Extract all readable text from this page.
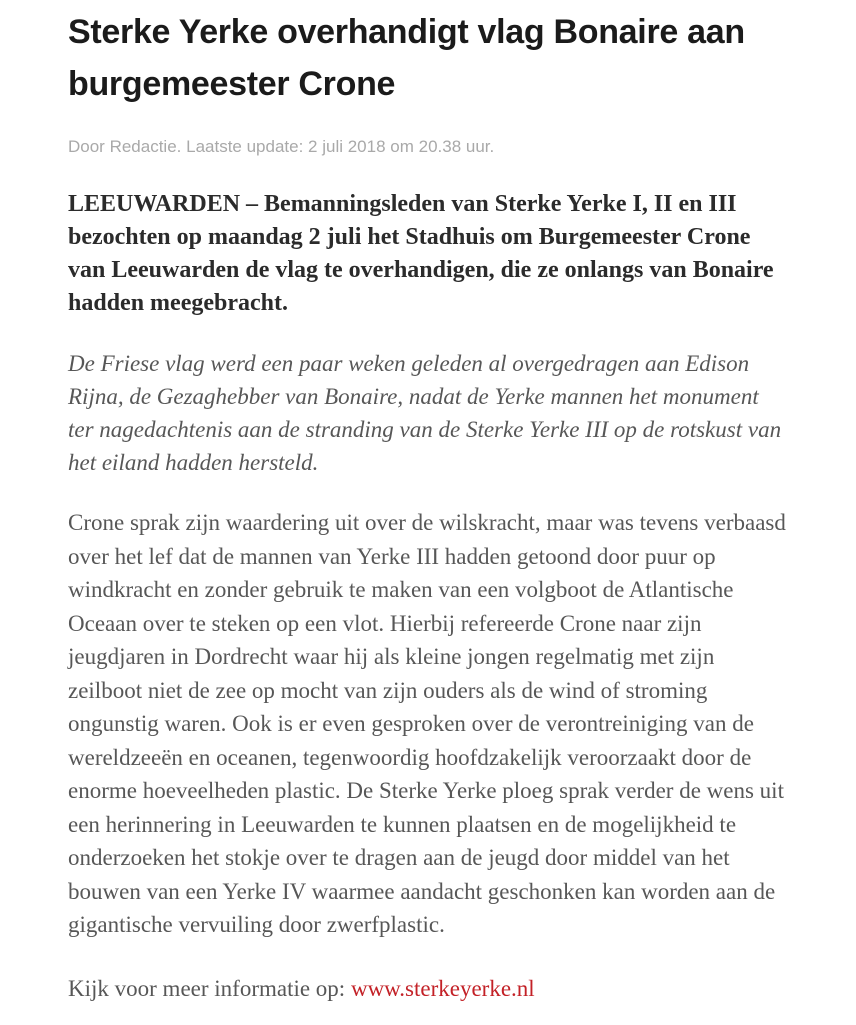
Sterke Yerke overhandigt vlag Bonaire aan burgemeester Crone

Door Redactie. Laatste update: 2 juli 2018 om 20.38 uur.

LEEUWARDEN – Bemanningsleden van Sterke Yerke I, II en III bezochten op maandag 2 juli het Stadhuis om Burgemeester Crone van Leeuwarden de vlag te overhandigen, die ze onlangs van Bonaire hadden meegebracht.

De Friese vlag werd een paar weken geleden al overgedragen aan Edison Rijna, de Gezaghebber van Bonaire, nadat de Yerke mannen het monument ter nagedachtenis aan de stranding van de Sterke Yerke III op de rotskust van het eiland hadden hersteld.

Crone sprak zijn waardering uit over de wilskracht, maar was tevens verbaasd over het lef dat de mannen van Yerke III hadden getoond door puur op windkracht en zonder gebruik te maken van een volgboot de Atlantische Oceaan over te steken op een vlot. Hierbij refereerde Crone naar zijn jeugdjaren in Dordrecht waar hij als kleine jongen regelmatig met zijn zeilboot niet de zee op mocht van zijn ouders als de wind of stroming ongunstig waren. Ook is er even gesproken over de verontreiniging van de wereldzeeën en oceanen, tegenwoordig hoofdzakelijk veroorzaakt door de enorme hoeveelheden plastic. De Sterke Yerke ploeg sprak verder de wens uit een herinnering in Leeuwarden te kunnen plaatsen en de mogelijkheid te onderzoeken het stokje over te dragen aan de jeugd door middel van het bouwen van een Yerke IV waarmee aandacht geschonken kan worden aan de gigantische vervuiling door zwerfplastic.

Kijk voor meer informatie op: www.sterkeyerke.nl
